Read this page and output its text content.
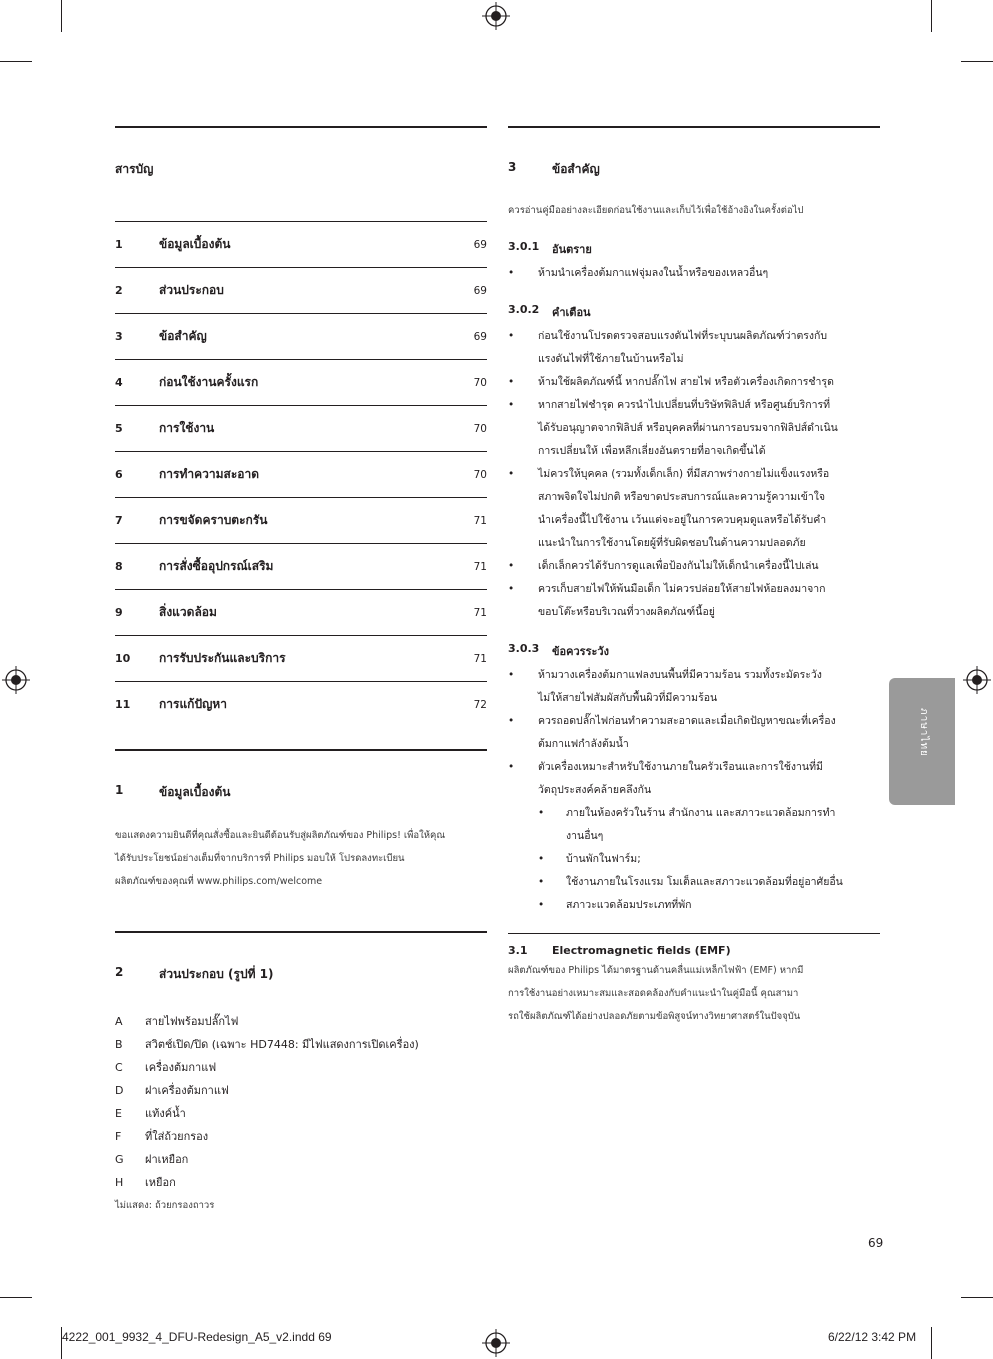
สารบัญ
1	ข้อมูลเบื้องต้น	69
2	ส่วนประกอบ	69
3	ข้อสำคัญ	69
4	ก่อนใช้งานครั้งแรก	70
5	การใช้งาน	70
6	การทำความสะอาด	70
7	การขจัดคราบตะกรัน	71
8	การสั่งซื้ออุปกรณ์เสริม	71
9	สิ่งแวดล้อม	71
10	การรับประกันและบริการ	71
11	การแก้ปัญหา	72
1	ข้อมูลเบื้องต้น
ขอแสดงความยินดีที่คุณสั่งซื้อและยินดีต้อนรับสู่ผลิตภัณฑ์ของ Philips! เพื่อให้คุณ
ได้รับประโยชน์อย่างเต็มที่จากบริการที่ Philips มอบให้ โปรดลงทะเบียน
ผลิตภัณฑ์ของคุณที่ www.philips.com/welcome
2	ส่วนประกอบ (รูปที่ 1)
A	สายไฟพร้อมปลั๊กไฟ
B	สวิตช์เปิด/ปิด (เฉพาะ HD7448: มีไฟแสดงการเปิดเครื่อง)
C	เครื่องต้มกาแฟ
D	ฝาเครื่องต้มกาแฟ
E	แท้งค์น้ำ
F	ที่ใส่ถ้วยกรอง
G	ฝาเหยือก
H	เหยือก
ไม่แสดง: ถ้วยกรองถาวร
3	ข้อสำคัญ
ควรอ่านคู่มืออย่างละเอียดก่อนใช้งานและเก็บไว้เพื่อใช้อ้างอิงในครั้งต่อไป
3.0.1	อันตราย
• ห้ามนำเครื่องต้มกาแฟจุ่มลงในน้ำหรือของเหลวอื่นๆ
3.0.2	คำเตือน
• ก่อนใช้งานโปรดตรวจสอบแรงดันไฟที่ระบุบนผลิตภัณฑ์ว่าตรงกับ
แรงดันไฟที่ใช้ภายในบ้านหรือไม่
• ห้ามใช้ผลิตภัณฑ์นี้ หากปลั๊กไฟ สายไฟ หรือตัวเครื่องเกิดการชำรุด
• หากสายไฟชำรุด ควรนำไปเปลี่ยนที่บริษัทฟิลิปส์ หรือศูนย์บริการที่
ได้รับอนุญาตจากฟิลิปส์ หรือบุคคลที่ผ่านการอบรมจากฟิลิปส์ดำเนิน
การเปลี่ยนให้ เพื่อหลีกเลี่ยงอันตรายที่อาจเกิดขึ้นได้
• ไม่ควรให้บุคคล (รวมทั้งเด็กเล็ก) ที่มีสภาพร่างกายไม่แข็งแรงหรือ
สภาพจิตใจไม่ปกติ หรือขาดประสบการณ์และความรู้ความเข้าใจ
นำเครื่องนี้ไปใช้งาน เว้นแต่จะอยู่ในการควบคุมดูแลหรือได้รับคำ
แนะนำในการใช้งานโดยผู้ที่รับผิดชอบในด้านความปลอดภัย
• เด็กเล็กควรได้รับการดูแลเพื่อป้องกันไม่ให้เด็กนำเครื่องนี้ไปเล่น
• ควรเก็บสายไฟให้พ้นมือเด็ก ไม่ควรปล่อยให้สายไฟห้อยลงมาจาก
ขอบโต๊ะหรือบริเวณที่วางผลิตภัณฑ์นี้อยู่
3.0.3	ข้อควรระวัง
• ห้ามวางเครื่องต้มกาแฟลงบนพื้นที่มีความร้อน รวมทั้งระมัดระวัง
ไม่ให้สายไฟสัมผัสกับพื้นผิวที่มีความร้อน
• ควรถอดปลั๊กไฟก่อนทำความสะอาดและเมื่อเกิดปัญหาขณะที่เครื่อง
ต้มกาแฟกำลังต้มน้ำ
• ตัวเครื่องเหมาะสำหรับใช้งานภายในครัวเรือนและการใช้งานที่มี
วัตถุประสงค์คล้ายคลึงกัน
• ภายในห้องครัวในร้าน สำนักงาน และสภาวะแวดล้อมการทำ
งานอื่นๆ
• บ้านพักในฟาร์ม;
• ใช้งานภายในโรงแรม โมเต็ลและสภาวะแวดล้อมที่อยู่อาศัยอื่น
• สภาวะแวดล้อมประเภทที่พัก
3.1	Electromagnetic fields (EMF)
ผลิตภัณฑ์ของ Philips ได้มาตรฐานด้านคลื่นแม่เหล็กไฟฟ้า (EMF) หากมี
การใช้งานอย่างเหมาะสมและสอดคล้องกับคำแนะนำในคู่มือนี้ คุณสามา
รถใช้ผลิตภัณฑ์ได้อย่างปลอดภัยตามข้อพิสูจน์ทางวิทยาศาสตร์ในปัจจุบัน
ภาษาไทย
69
4222_001_9932_4_DFU-Redesign_A5_v2.indd 69	6/22/12 3:42 PM
